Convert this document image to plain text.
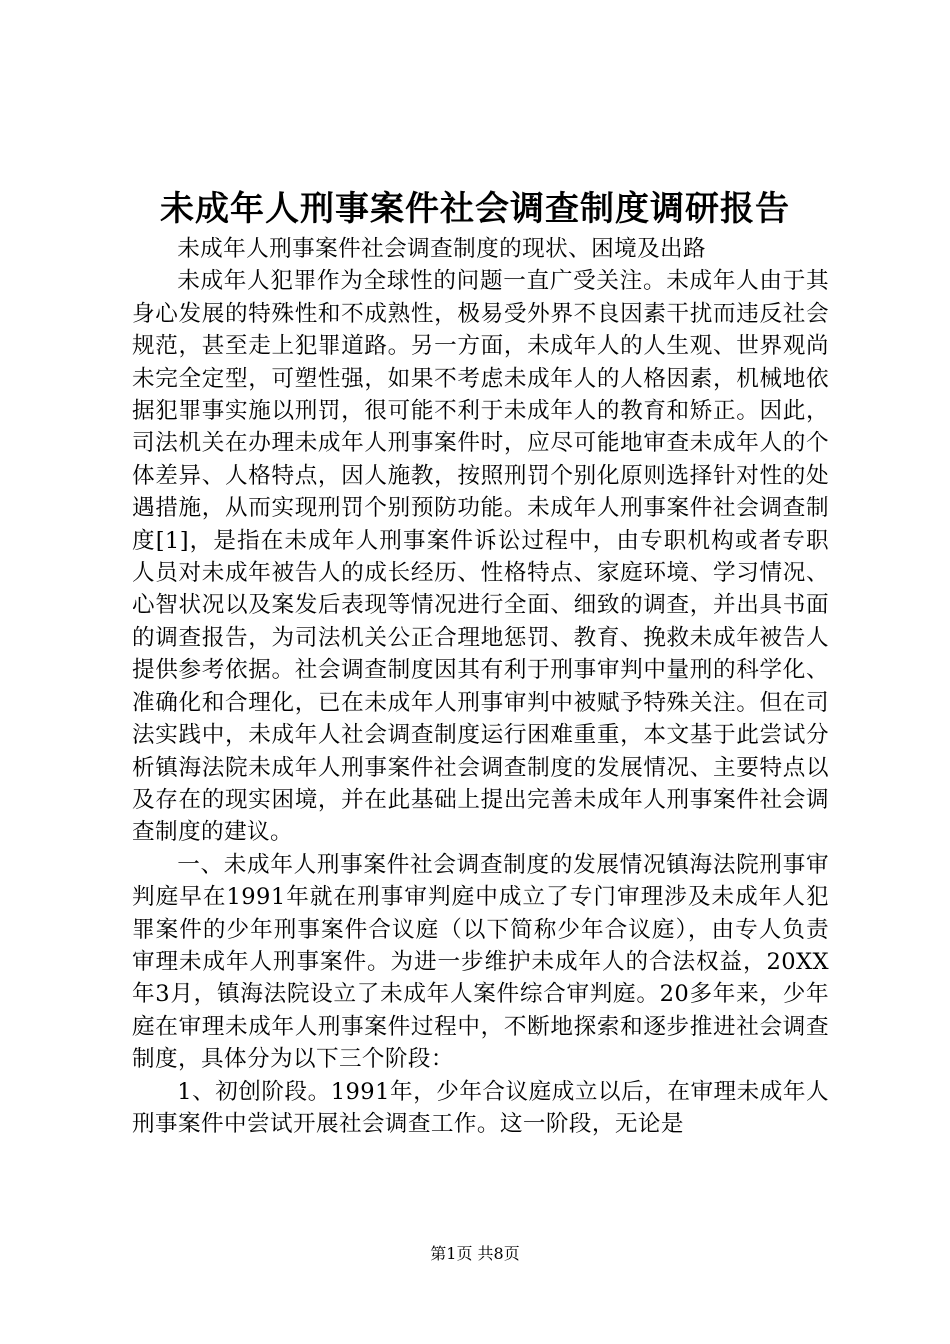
未成年人刑事案件社会调查制度调研报告

未成年人刑事案件社会调查制度的现状、困境及出路

未成年人犯罪作为全球性的问题一直广受关注。未成年人由于其身心发展的特殊性和不成熟性，极易受外界不良因素干扰而违反社会规范，甚至走上犯罪道路。另一方面，未成年人的人生观、世界观尚未完全定型，可塑性强，如果不考虑未成年人的人格因素，机械地依据犯罪事实施以刑罚，很可能不利于未成年人的教育和矫正。因此，司法机关在办理未成年人刑事案件时，应尽可能地审查未成年人的个体差异、人格特点，因人施教，按照刑罚个别化原则选择针对性的处遇措施，从而实现刑罚个别预防功能。未成年人刑事案件社会调查制度[1]，是指在未成年人刑事案件诉讼过程中，由专职机构或者专职人员对未成年被告人的成长经历、性格特点、家庭环境、学习情况、心智状况以及案发后表现等情况进行全面、细致的调查，并出具书面的调查报告，为司法机关公正合理地惩罚、教育、挽救未成年被告人提供参考依据。社会调查制度因其有利于刑事审判中量刑的科学化、准确化和合理化，已在未成年人刑事审判中被赋予特殊关注。但在司法实践中，未成年人社会调查制度运行困难重重，本文基于此尝试分析镇海法院未成年人刑事案件社会调查制度的发展情况、主要特点以及存在的现实困境，并在此基础上提出完善未成年人刑事案件社会调查制度的建议。

一、未成年人刑事案件社会调查制度的发展情况镇海法院刑事审判庭早在1991年就在刑事审判庭中成立了专门审理涉及未成年人犯罪案件的少年刑事案件合议庭（以下简称少年合议庭），由专人负责审理未成年人刑事案件。为进一步维护未成年人的合法权益，20XX年3月，镇海法院设立了未成年人案件综合审判庭。20多年来，少年庭在审理未成年人刑事案件过程中，不断地探索和逐步推进社会调查制度，具体分为以下三个阶段：

1、初创阶段。1991年，少年合议庭成立以后，在审理未成年人刑事案件中尝试开展社会调查工作。这一阶段，无论是

第1页 共8页
